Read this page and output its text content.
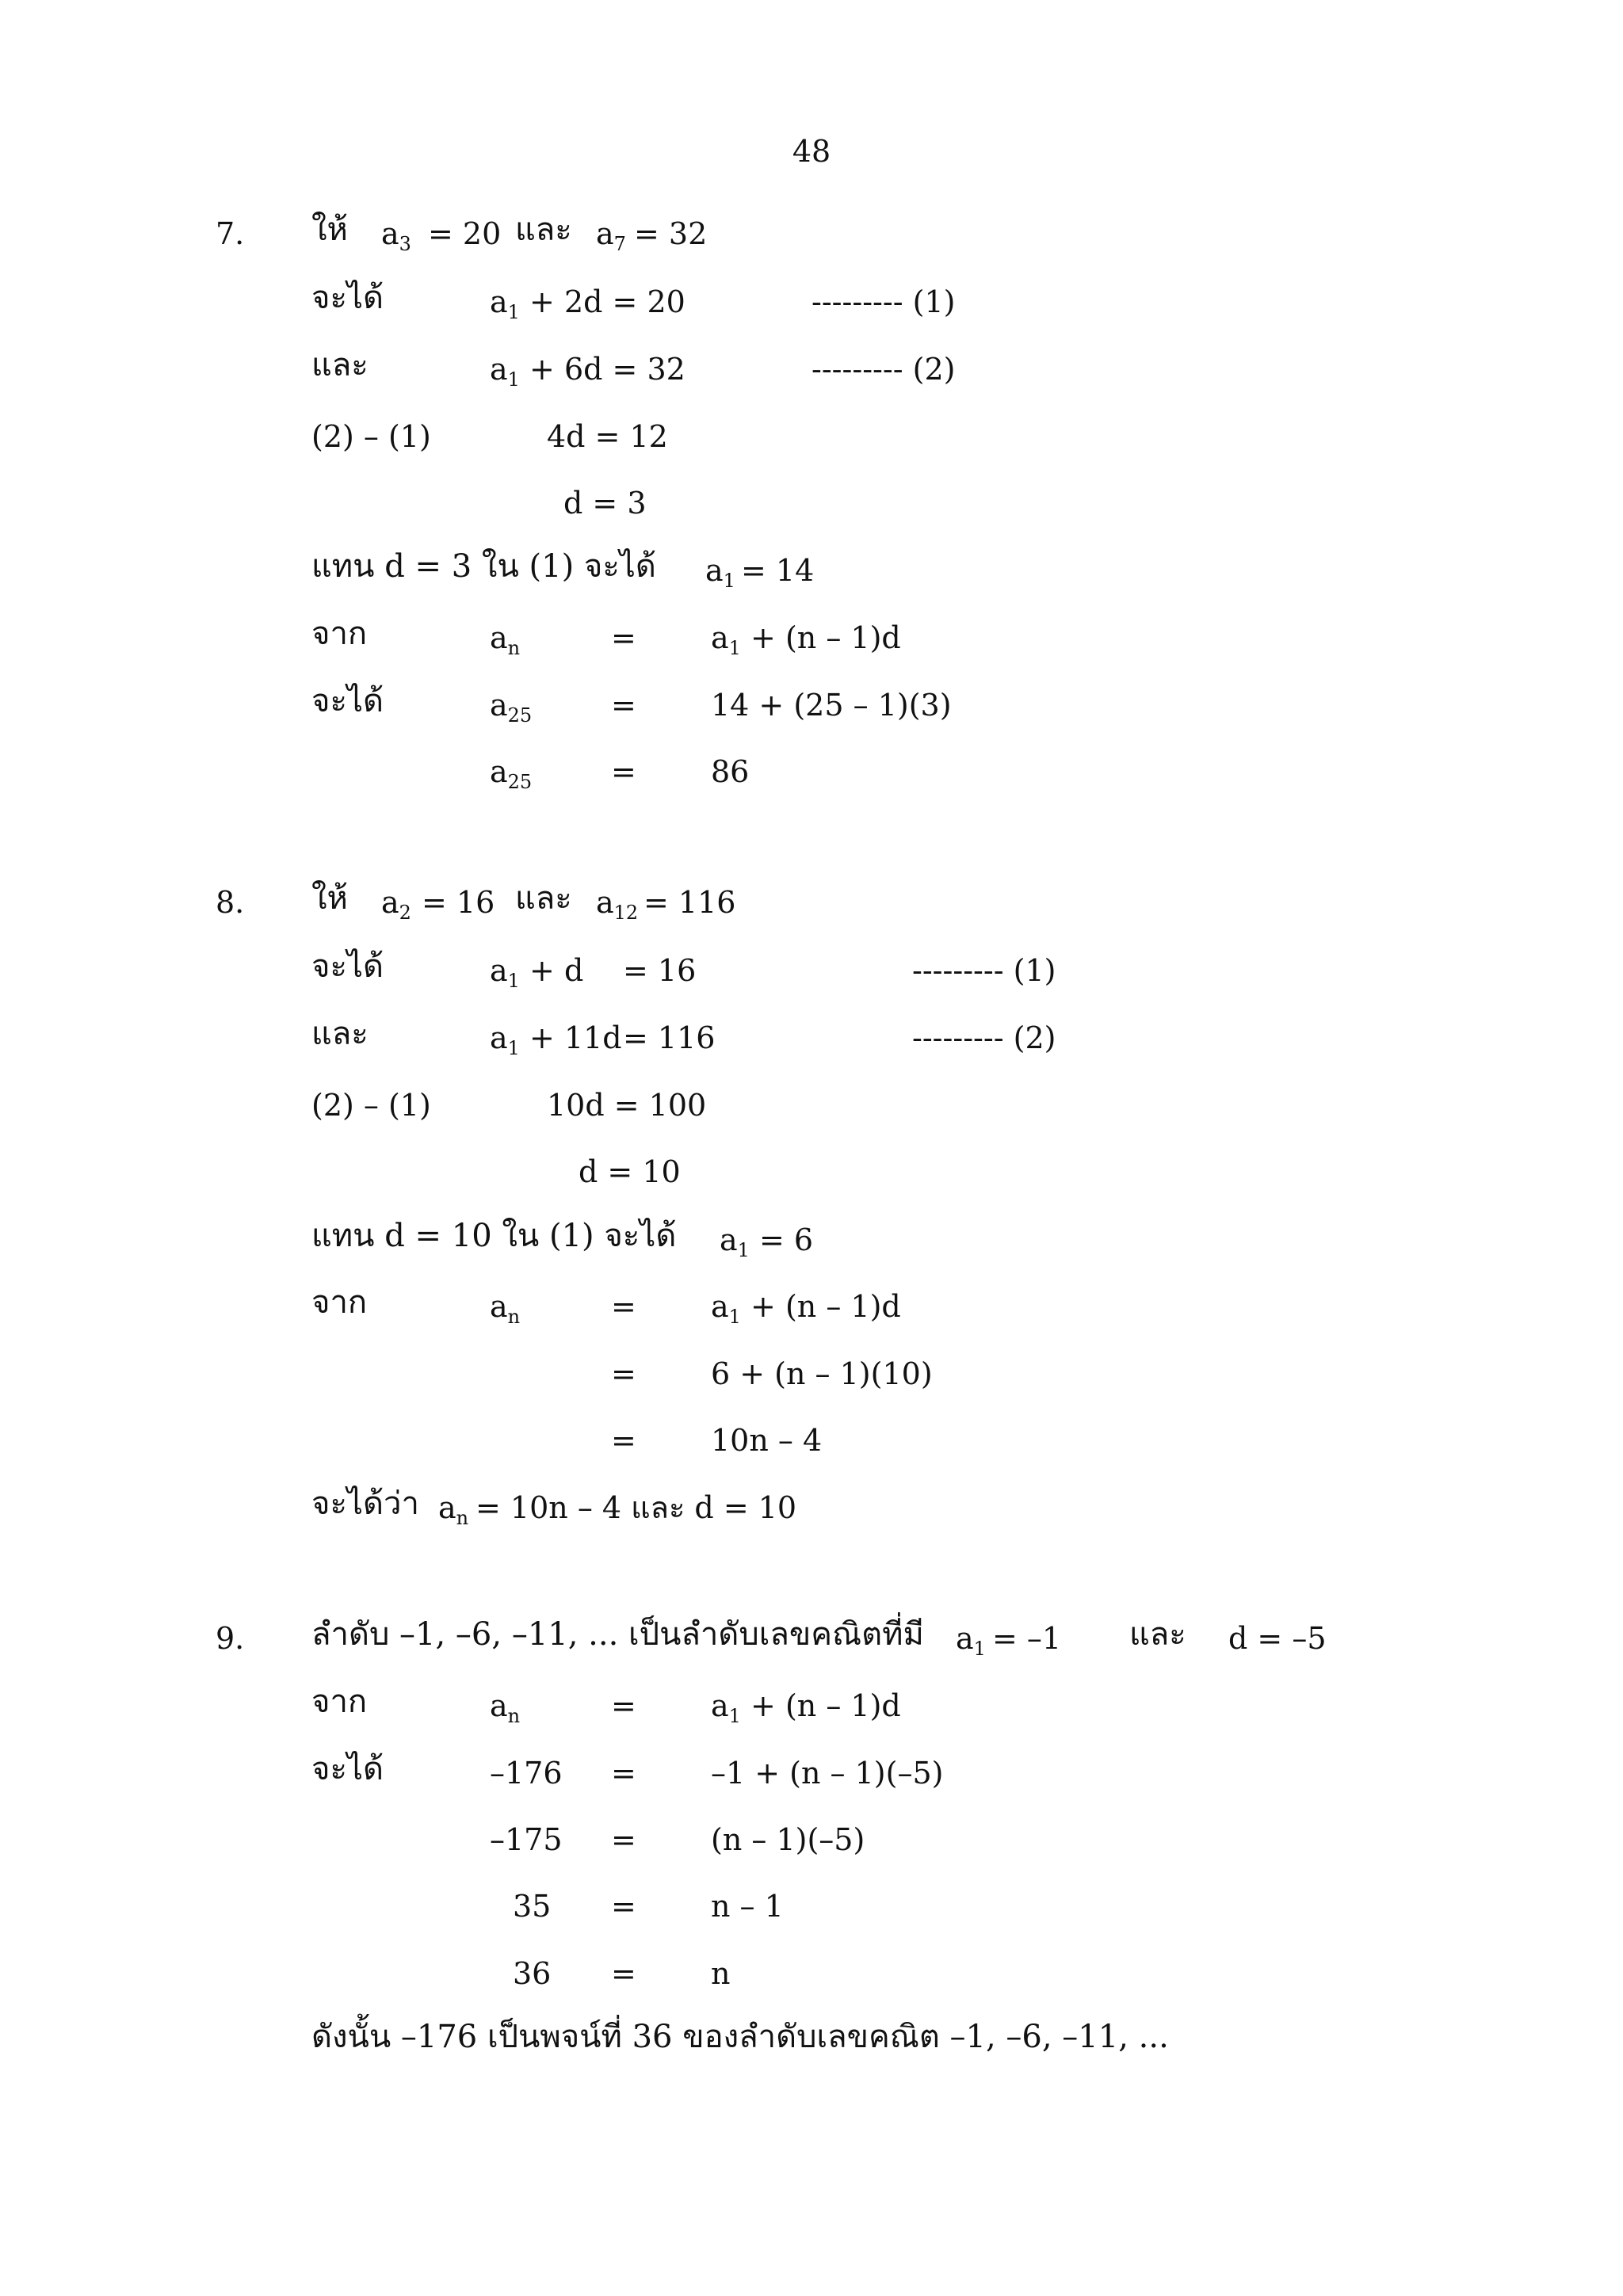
48
7. ให้ $a_3 = 20$ และ $a_7 = 32$
จะได้	$a_1 + 2d = 20$	--------- (1)
และ	$a_1 + 6d = 32$	--------- (2)
(2) – (1)	4d = 12
d = 3
แทน d = 3 ใน (1) จะได้ $a_1 = 14$
จาก	$a_n$	= $a_1 + (n - 1)d$
จะได้	$a_{25}$	= 14 + (25 – 1)(3)
$a_{25}$	= 86
8. ให้ $a_2 = 16$ และ $a_{12} = 116$
จะได้	$a_1 + d = 16$	--------- (1)
และ	$a_1 + 11d = 116$	--------- (2)
(2) – (1)	10d = 100
d = 10
แทน d = 10 ใน (1) จะได้ $a_1 = 6$
จาก	$a_n$	= $a_1 + (n - 1)d$
= 6 + (n – 1)(10)
= 10n – 4
จะได้ว่า $a_n = 10n - 4$ และ d = 10
9. ลำดับ –1, –6, –11, ... เป็นลำดับเลขคณิตที่มี $a_1 = -1$ และ d = –5
จาก	$a_n$	= $a_1 + (n - 1)d$
จะได้	–176 = –1 + (n – 1)(–5)
–175 = (n – 1)(–5)
35 = n – 1
36 = n
ดังนั้น –176 เป็นพจน์ที่ 36 ของลำดับเลขคณิต –1, –6, –11, ...
